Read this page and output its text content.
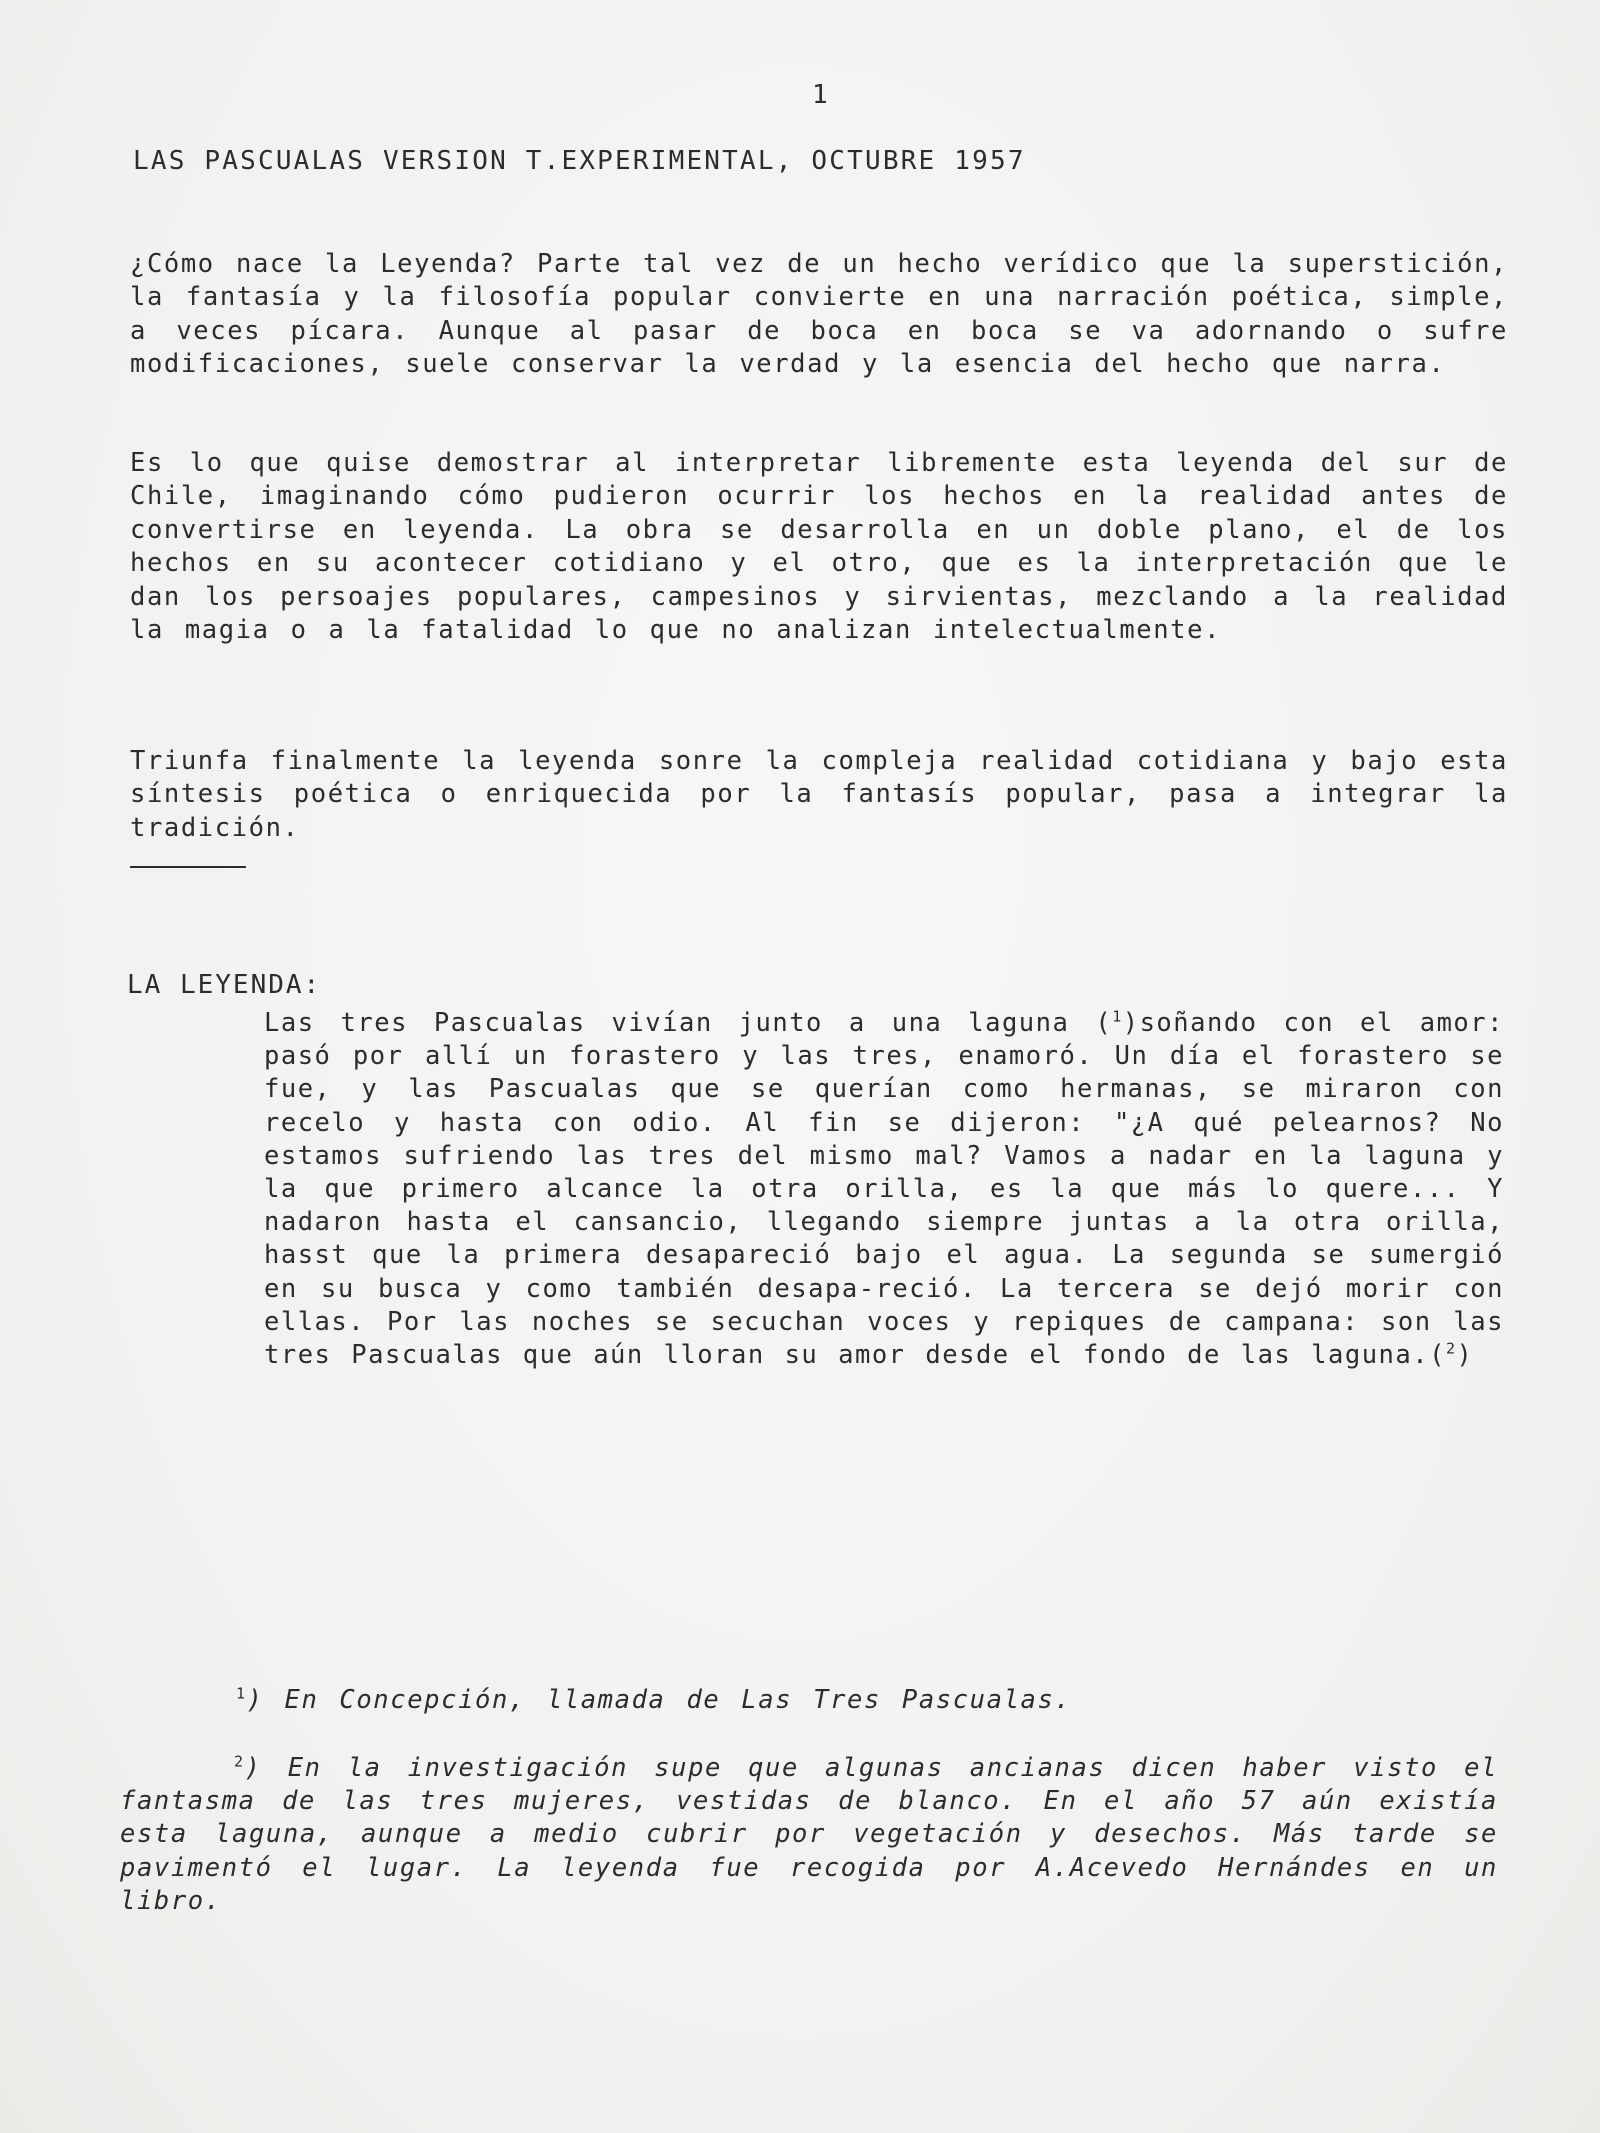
1
LAS PASCUALAS VERSION T.EXPERIMENTAL, OCTUBRE 1957

¿Cómo nace la Leyenda? Parte tal vez de un hecho verídico que la superstición, la fantasía y la filosofía popular convierte en una narración poética, simple, a veces pícara. Aunque al pasar de boca en boca se va adornando o sufre modificaciones, suele conservar la verdad y la esencia del hecho que narra.

Es lo que quise demostrar al interpretar libremente esta leyenda del sur de Chile, imaginando cómo pudieron ocurrir los hechos en la realidad antes de convertirse en leyenda. La obra se desarrolla en un doble plano, el de los hechos en su acontecer cotidiano y el otro, que es la interpretación que le dan los persoajes populares, campesinos y sirvientas, mezclando a la realidad la magia o a la fatalidad lo que no analizan intelectualmente.

Triunfa finalmente la leyenda sonre la compleja realidad cotidiana y bajo esta síntesis poética o enriquecida por la fantasís popular, pasa a integrar la tradición.

LA LEYENDA:

Las tres Pascualas vivían junto a una laguna ($^1$)soñando con el amor: pasó por allí un forastero y las tres, enamoró. Un día el forastero se fue, y las Pascualas que se querían como hermanas, se miraron con recelo y hasta con odio. Al fin se dijeron: "¿A qué pelearnos? No estamos sufriendo las tres del mismo mal? Vamos a nadar en la laguna y la que primero alcance la otra orilla, es la que más lo quere... Y nadaron hasta el cansancio, llegando siempre juntas a la otra orilla, hasst que la primera desapareció bajo el agua. La segunda se sumergió en su busca y como también desapa-reció. La tercera se dejó morir con ellas. Por las noches se secuchan voces y repiques de campana: son las tres Pascualas que aún lloran su amor desde el fondo de las laguna.($^2$)

$^1$) En Concepción, llamada de Las Tres Pascualas.

$^2$) En la investigación supe que algunas ancianas dicen haber visto el fantasma de las tres mujeres, vestidas de blanco. En el año 57 aún existía esta laguna, aunque a medio cubrir por vegetación y desechos. Más tarde se pavimentó el lugar. La leyenda fue recogida por A.Acevedo Hernándes en un libro.
